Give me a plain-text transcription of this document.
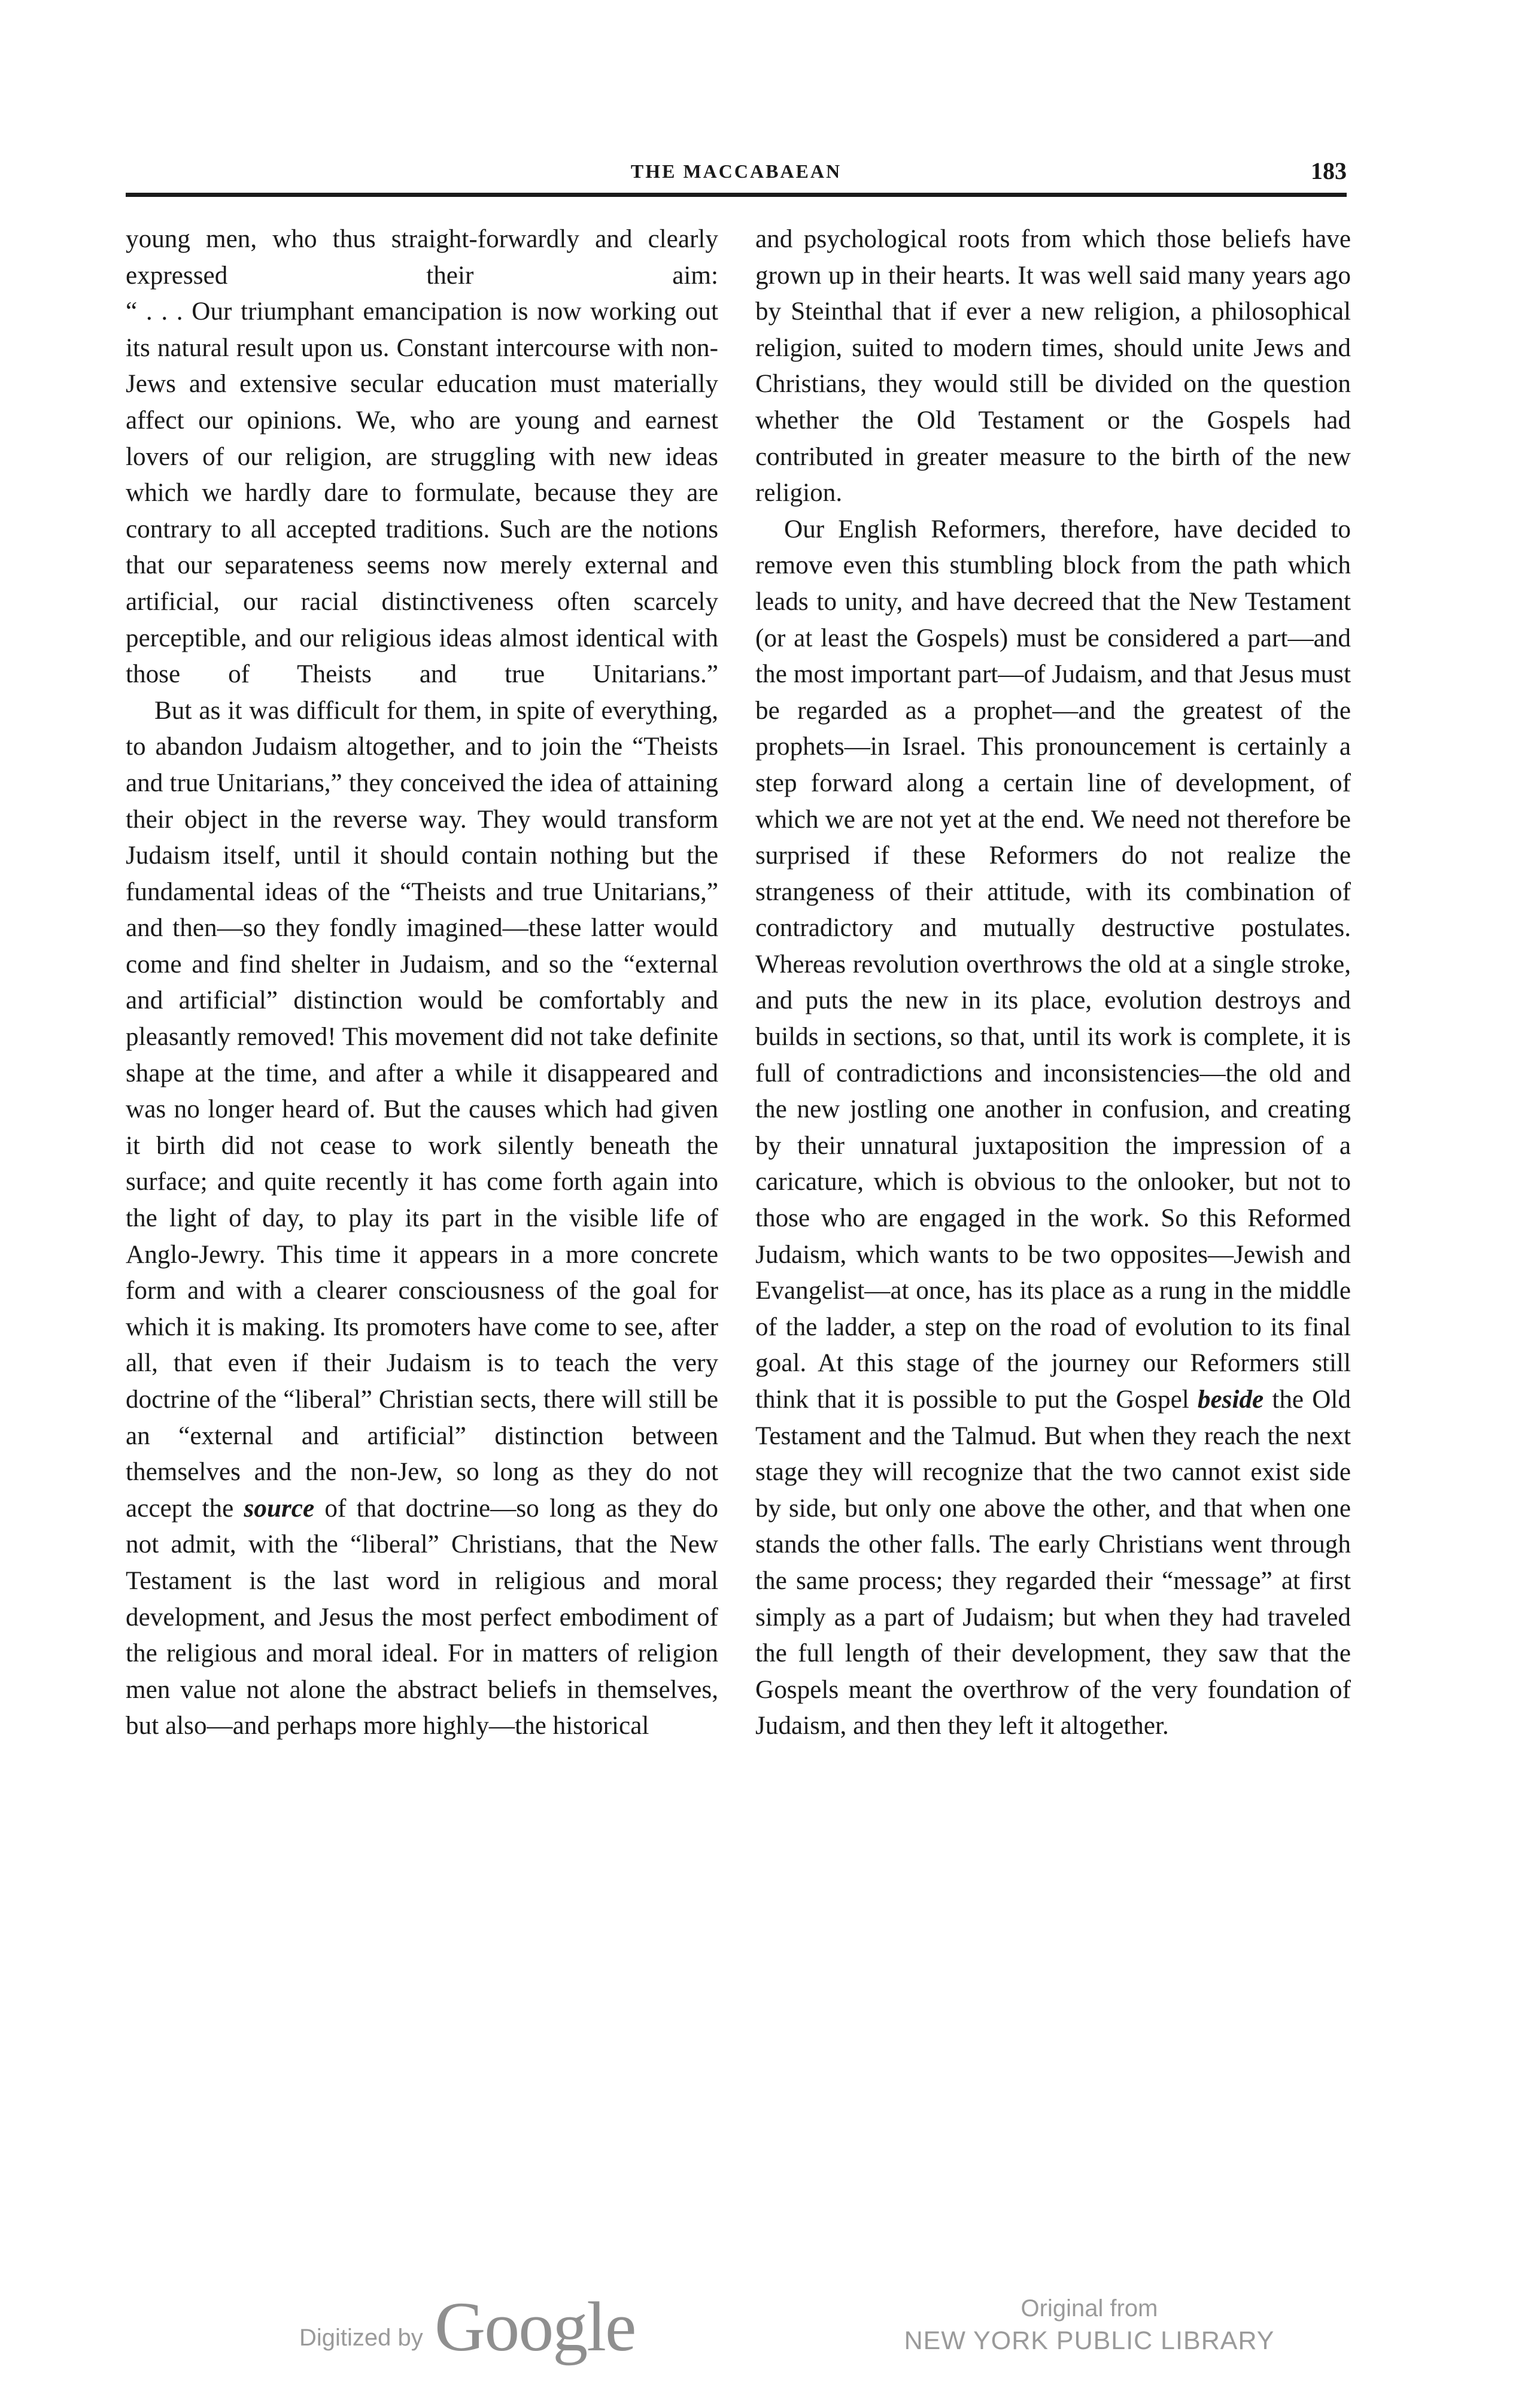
THE MACCABAEAN	183

young men, who thus straight-forwardly and clearly expressed their aim:

“ . . . Our triumphant emancipation is now working out its natural result upon us. Constant intercourse with non-Jews and extensive secular education must materially affect our opinions. We, who are young and earnest lovers of our religion, are struggling with new ideas which we hardly dare to formulate, because they are contrary to all accepted traditions. Such are the notions that our separateness seems now merely external and artificial, our racial distinctiveness often scarcely perceptible, and our religious ideas almost identical with those of Theists and true Unitarians.”

But as it was difficult for them, in spite of everything, to abandon Judaism altogether, and to join the “Theists and true Unitarians,” they conceived the idea of attaining their object in the reverse way. They would transform Judaism itself, until it should contain nothing but the fundamental ideas of the “Theists and true Unitarians,” and then—so they fondly imagined—these latter would come and find shelter in Judaism, and so the “external and artificial” distinction would be comfortably and pleasantly removed! This movement did not take definite shape at the time, and after a while it disappeared and was no longer heard of. But the causes which had given it birth did not cease to work silently beneath the surface; and quite recently it has come forth again into the light of day, to play its part in the visible life of Anglo-Jewry. This time it appears in a more concrete form and with a clearer consciousness of the goal for which it is making. Its promoters have come to see, after all, that even if their Judaism is to teach the very doctrine of the “liberal” Christian sects, there will still be an “external and artificial” distinction between themselves and the non-Jew, so long as they do not accept the source of that doctrine—so long as they do not admit, with the “liberal” Christians, that the New Testament is the last word in religious and moral development, and Jesus the most perfect embodiment of the religious and moral ideal. For in matters of religion men value not alone the abstract beliefs in themselves, but also—and perhaps more highly—the historical

and psychological roots from which those beliefs have grown up in their hearts. It was well said many years ago by Steinthal that if ever a new religion, a philosophical religion, suited to modern times, should unite Jews and Christians, they would still be divided on the question whether the Old Testament or the Gospels had contributed in greater measure to the birth of the new religion.

Our English Reformers, therefore, have decided to remove even this stumbling block from the path which leads to unity, and have decreed that the New Testament (or at least the Gospels) must be considered a part—and the most important part—of Judaism, and that Jesus must be regarded as a prophet—and the greatest of the prophets—in Israel. This pronouncement is certainly a step forward along a certain line of development, of which we are not yet at the end. We need not therefore be surprised if these Reformers do not realize the strangeness of their attitude, with its combination of contradictory and mutually destructive postulates. Whereas revolution overthrows the old at a single stroke, and puts the new in its place, evolution destroys and builds in sections, so that, until its work is complete, it is full of contradictions and inconsistencies—the old and the new jostling one another in confusion, and creating by their unnatural juxtaposition the impression of a caricature, which is obvious to the onlooker, but not to those who are engaged in the work. So this Reformed Judaism, which wants to be two opposites—Jewish and Evangelist—at once, has its place as a rung in the middle of the ladder, a step on the road of evolution to its final goal. At this stage of the journey our Reformers still think that it is possible to put the Gospel beside the Old Testament and the Talmud. But when they reach the next stage they will recognize that the two cannot exist side by side, but only one above the other, and that when one stands the other falls. The early Christians went through the same process; they regarded their “message” at first simply as a part of Judaism; but when they had traveled the full length of their development, they saw that the Gospels meant the overthrow of the very foundation of Judaism, and then they left it altogether.

Digitized by Google	Original from
NEW YORK PUBLIC LIBRARY
